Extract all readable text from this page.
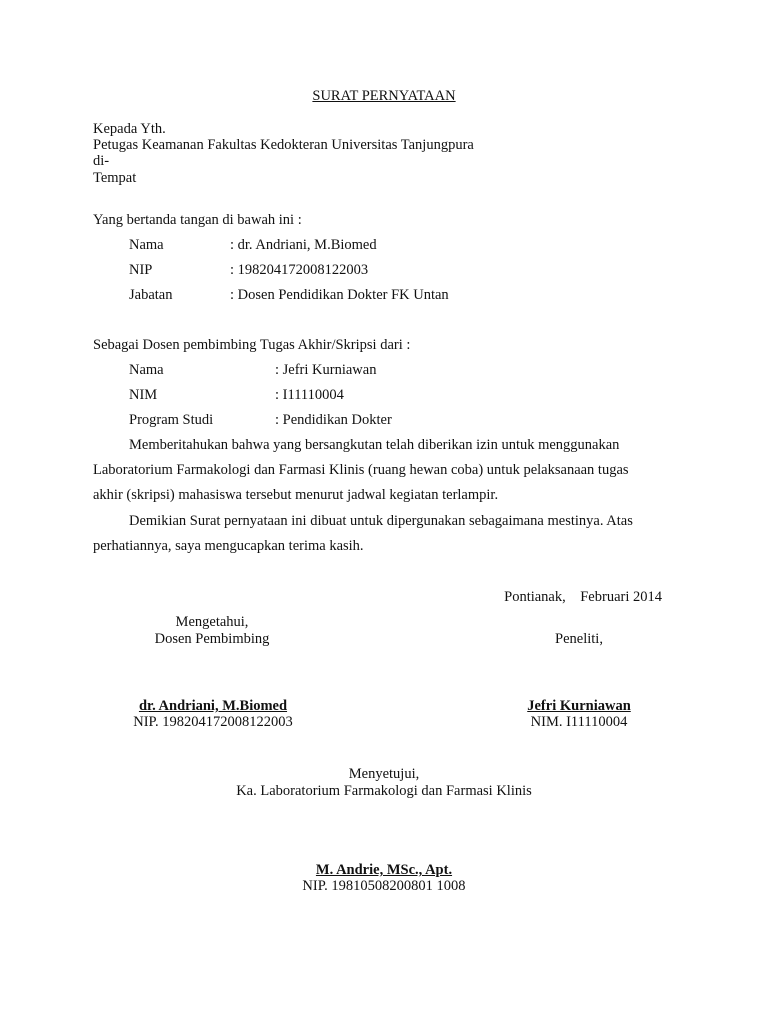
SURAT PERNYATAAN
Kepada Yth.
Petugas Keamanan Fakultas Kedokteran Universitas Tanjungpura
di-
Tempat
Yang bertanda tangan di bawah ini :
Nama	: dr. Andriani, M.Biomed
NIP	: 198204172008122003
Jabatan	: Dosen Pendidikan Dokter FK Untan
Sebagai Dosen pembimbing Tugas Akhir/Skripsi dari :
Nama	: Jefri Kurniawan
NIM	: I11110004
Program Studi	: Pendidikan Dokter
Memberitahukan bahwa yang bersangkutan telah diberikan izin untuk menggunakan
Laboratorium Farmakologi dan Farmasi Klinis (ruang hewan coba) untuk pelaksanaan tugas
akhir (skripsi) mahasiswa tersebut menurut jadwal kegiatan terlampir.
Demikian Surat pernyataan ini dibuat untuk dipergunakan sebagaimana mestinya. Atas
perhatiannya, saya mengucapkan terima kasih.
Pontianak,    Februari 2014
Mengetahui,
Dosen Pembimbing
dr. Andriani, M.Biomed
NIP. 198204172008122003
Peneliti,
Jefri Kurniawan
NIM. I11110004
Menyetujui,
Ka. Laboratorium Farmakologi dan Farmasi Klinis
M. Andrie, MSc., Apt.
NIP. 19810508200801 1008
